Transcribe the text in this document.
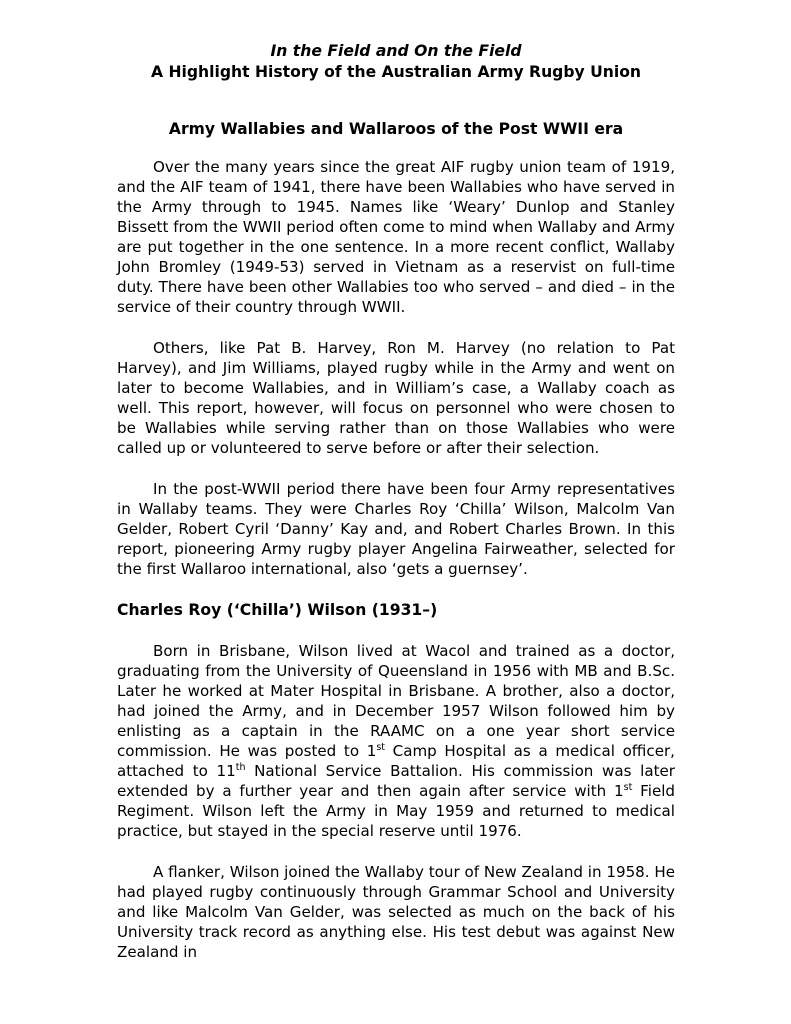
In the Field and On the Field

A Highlight History of the Australian Army Rugby Union

Army Wallabies and Wallaroos of the Post WWII era

Over the many years since the great AIF rugby union team of 1919, and the AIF team of 1941, there have been Wallabies who have served in the Army through to 1945. Names like ‘Weary’ Dunlop and Stanley Bissett from the WWII period often come to mind when Wallaby and Army are put together in the one sentence. In a more recent conflict, Wallaby John Bromley (1949-53) served in Vietnam as a reservist on full-time duty. There have been other Wallabies too who served – and died – in the service of their country through WWII.

Others, like Pat B. Harvey, Ron M. Harvey (no relation to Pat Harvey), and Jim Williams, played rugby while in the Army and went on later to become Wallabies, and in William’s case, a Wallaby coach as well. This report, however, will focus on personnel who were chosen to be Wallabies while serving rather than on those Wallabies who were called up or volunteered to serve before or after their selection.

In the post-WWII period there have been four Army representatives in Wallaby teams. They were Charles Roy ‘Chilla’ Wilson, Malcolm Van Gelder, Robert Cyril ‘Danny’ Kay and, and Robert Charles Brown. In this report, pioneering Army rugby player Angelina Fairweather, selected for the first Wallaroo international, also ‘gets a guernsey’.

Charles Roy (‘Chilla’) Wilson (1931–)

Born in Brisbane, Wilson lived at Wacol and trained as a doctor, graduating from the University of Queensland in 1956 with MB and B.Sc. Later he worked at Mater Hospital in Brisbane. A brother, also a doctor, had joined the Army, and in December 1957 Wilson followed him by enlisting as a captain in the RAAMC on a one year short service commission. He was posted to 1st Camp Hospital as a medical officer, attached to 11th National Service Battalion. His commission was later extended by a further year and then again after service with 1st Field Regiment. Wilson left the Army in May 1959 and returned to medical practice, but stayed in the special reserve until 1976.

A flanker, Wilson joined the Wallaby tour of New Zealand in 1958. He had played rugby continuously through Grammar School and University and like Malcolm Van Gelder, was selected as much on the back of his University track record as anything else. His test debut was against New Zealand in
